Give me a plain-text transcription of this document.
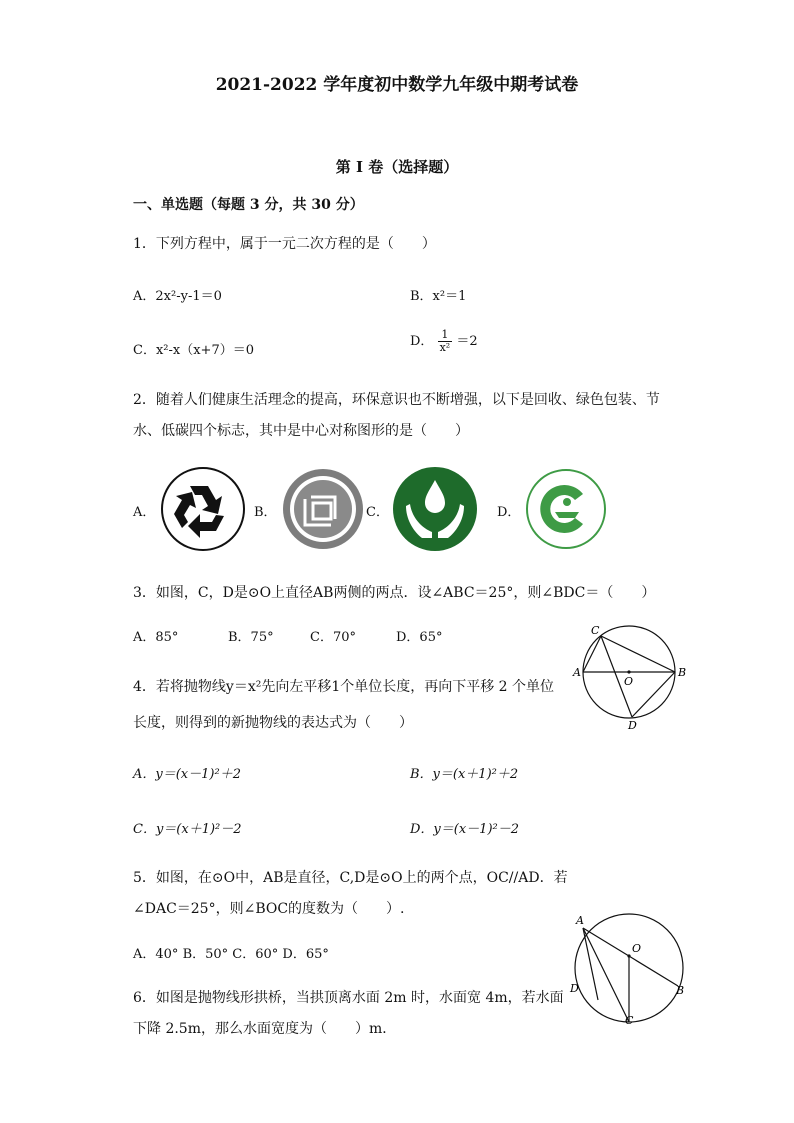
2021-2022 学年度初中数学九年级中期考试卷
第 I 卷（选择题）
一、单选题（每题 3 分，共 30 分）
1．下列方程中，属于一元二次方程的是（　　）
A．2x²-y-1＝0	B．x²＝1
C．x²-x（x+7）＝0
D． $\frac{1}{\text{x²}} =2$
2．随着人们健康生活理念的提高，环保意识也不断增强，以下是回收、绿色包装、节
水、低碳四个标志，其中是中心对称图形的是（　　）
A．	B．	C．	D．
3．如图，C，D是⊙O上直径AB两侧的两点．设∠ABC＝25°，则∠BDC＝（　　）
A．85°	B．75°	C．70°	D．65°	C
A
O
B
D
4．若将抛物线y＝x²先向左平移1个单位长度，再向下平移 2 个单位
长度，则得到的新抛物线的表达式为（　　）
A．y＝(x－1)²＋2	B．y＝(x＋1)²＋2
C．y＝(x＋1)²－2	D．y＝(x－1)²－2
5．如图，在⊙O中，AB是直径，C,D是⊙O上的两个点，OC//AD．若
∠DAC＝25°，则∠BOC的度数为（　　）.
A．40° B．50° C．60° D．65°
A
O
D	B
C
6．如图是抛物线形拱桥，当拱顶离水面 2m 时，水面宽 4m，若水面
下降 2.5m，那么水面宽度为（　　）m．
